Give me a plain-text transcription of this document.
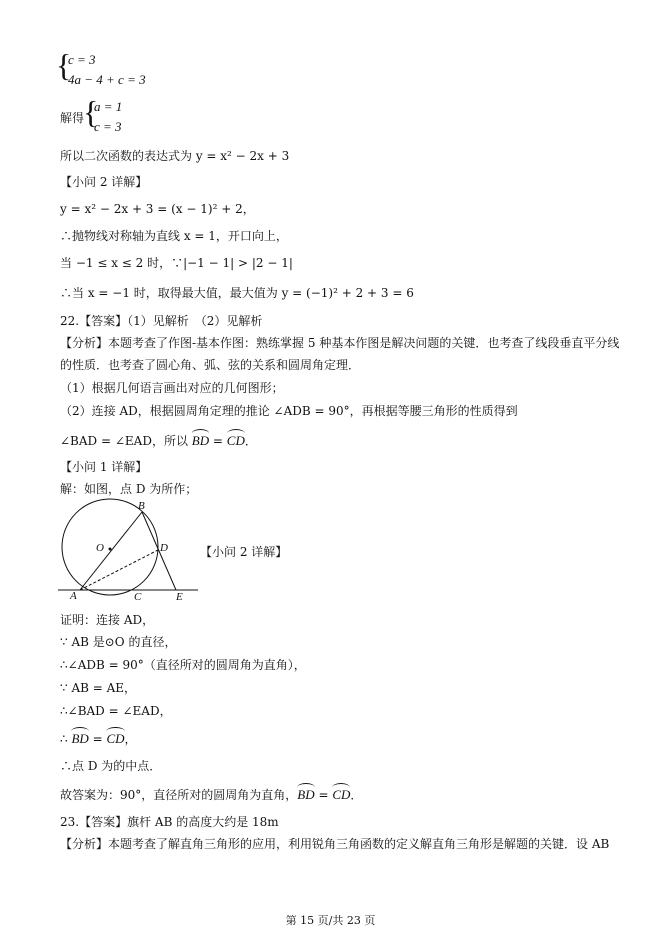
{
c = 3
4a − 4 + c = 3
解得
{
a = 1
c = 3
所以二次函数的表达式为 y = x² − 2x + 3
【小问 2 详解】
y = x² − 2x + 3 = (x − 1)² + 2，
∴抛物线对称轴为直线 x = 1，开口向上，
当 −1 ≤ x ≤ 2 时，∵|−1 − 1| > |2 − 1|
∴当 x = −1 时，取得最大值，最大值为 y = (−1)² + 2 + 3 = 6
22.【答案】（1）见解析　（2）见解析
【分析】本题考查了作图-基本作图：熟练掌握 5 种基本作图是解决问题的关键．也考查了线段垂直平分线
的性质．也考查了圆心角、弧、弦的关系和圆周角定理．
（1）根据几何语言画出对应的几何图形；
（2）连接 AD，根据圆周角定理的推论 ∠ADB = 90°，再根据等腰三角形的性质得到
∠BAD = ∠EAD，所以 BD = CD．
【小问 1 详解】
解：如图，点 D 为所作；
B
O	D
A	C	E
【小问 2 详解】
证明：连接 AD，
∵ AB 是⊙O 的直径，
∴∠ADB = 90°（直径所对的圆周角为直角），
∵ AB = AE，
∴∠BAD = ∠EAD，
∴ BD = CD，
∴点 D 为的中点．
故答案为：90°，直径所对的圆周角为直角，BD = CD．
23.【答案】旗杆 AB 的高度大约是 18m
【分析】本题考查了解直角三角形的应用，利用锐角三角函数的定义解直角三角形是解题的关键．设 AB
第 15 页/共 23 页
